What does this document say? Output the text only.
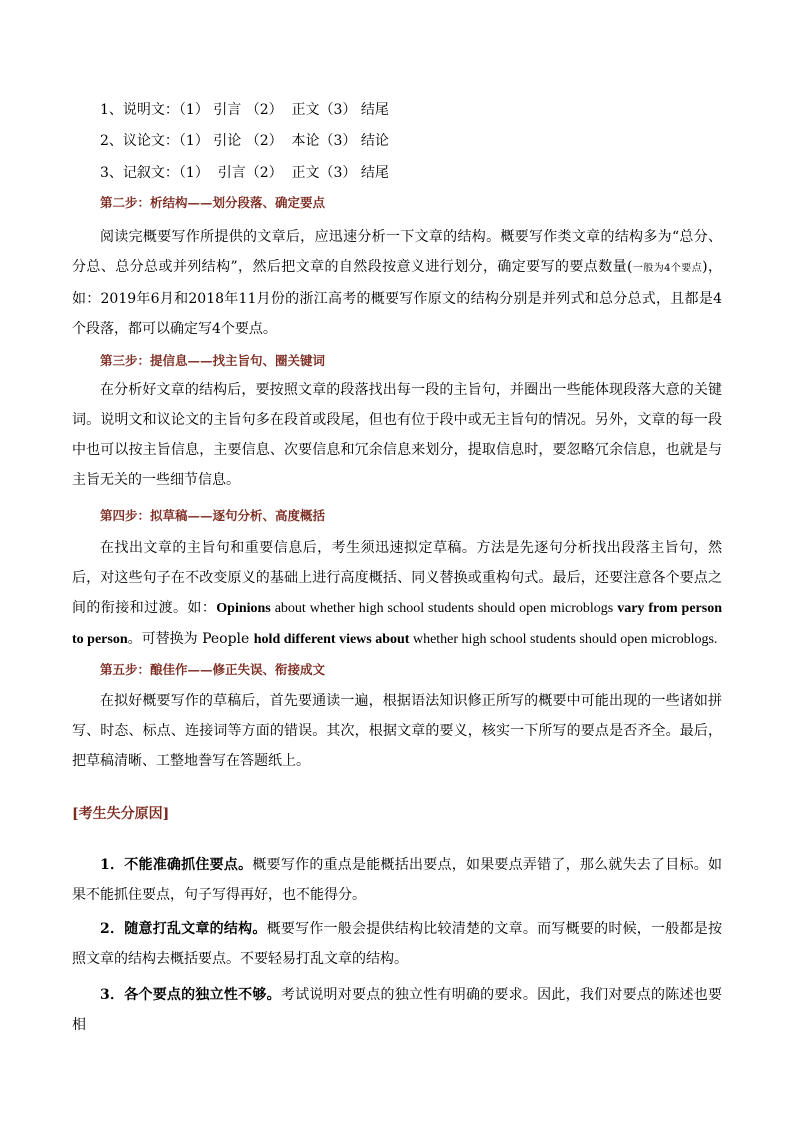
1、说明文：（1） 引言 （2）  正文（3） 结尾
2、议论文：（1） 引论 （2）  本论（3） 结论
3、记叙文：（1）  引言（2）  正文（3） 结尾
第二步：析结构——划分段落、确定要点
阅读完概要写作所提供的文章后，应迅速分析一下文章的结构。概要写作类文章的结构多为“总分、分总、总分总或并列结构”，然后把文章的自然段按意义进行划分，确定要写的要点数量(一般为4个要点)，如：2019年6月和2018年11月份的浙江高考的概要写作原文的结构分别是并列式和总分总式，且都是4个段落，都可以确定写4个要点。
第三步：提信息——找主旨句、圈关键词
在分析好文章的结构后，要按照文章的段落找出每一段的主旨句，并圈出一些能体现段落大意的关键词。说明文和议论文的主旨句多在段首或段尾，但也有位于段中或无主旨句的情况。另外，文章的每一段中也可以按主旨信息，主要信息、次要信息和冗余信息来划分，提取信息时，要忽略冗余信息，也就是与主旨无关的一些细节信息。
第四步：拟草稿——逐句分析、高度概括
在找出文章的主旨句和重要信息后，考生须迅速拟定草稿。方法是先逐句分析找出段落主旨句，然后，对这些句子在不改变原义的基础上进行高度概括、同义替换或重构句式。最后，还要注意各个要点之间的衔接和过渡。如：Opinions about whether high school students should open microblogs vary from person to person。可替换为 People hold different views about whether high school students should open microblogs.
第五步：酿佳作——修正失误、衔接成文
在拟好概要写作的草稿后，首先要通读一遍，根据语法知识修正所写的概要中可能出现的一些诸如拼写、时态、标点、连接词等方面的错误。其次，根据文章的要义，核实一下所写的要点是否齐全。最后，把草稿清晰、工整地誊写在答题纸上。
[考生失分原因]
1．不能准确抓住要点。概要写作的重点是能概括出要点，如果要点弄错了，那么就失去了目标。如果不能抓住要点，句子写得再好，也不能得分。
2．随意打乱文章的结构。概要写作一般会提供结构比较清楚的文章。而写概要的时候，一般都是按照文章的结构去概括要点。不要轻易打乱文章的结构。
3．各个要点的独立性不够。考试说明对要点的独立性有明确的要求。因此，我们对要点的陈述也要相
